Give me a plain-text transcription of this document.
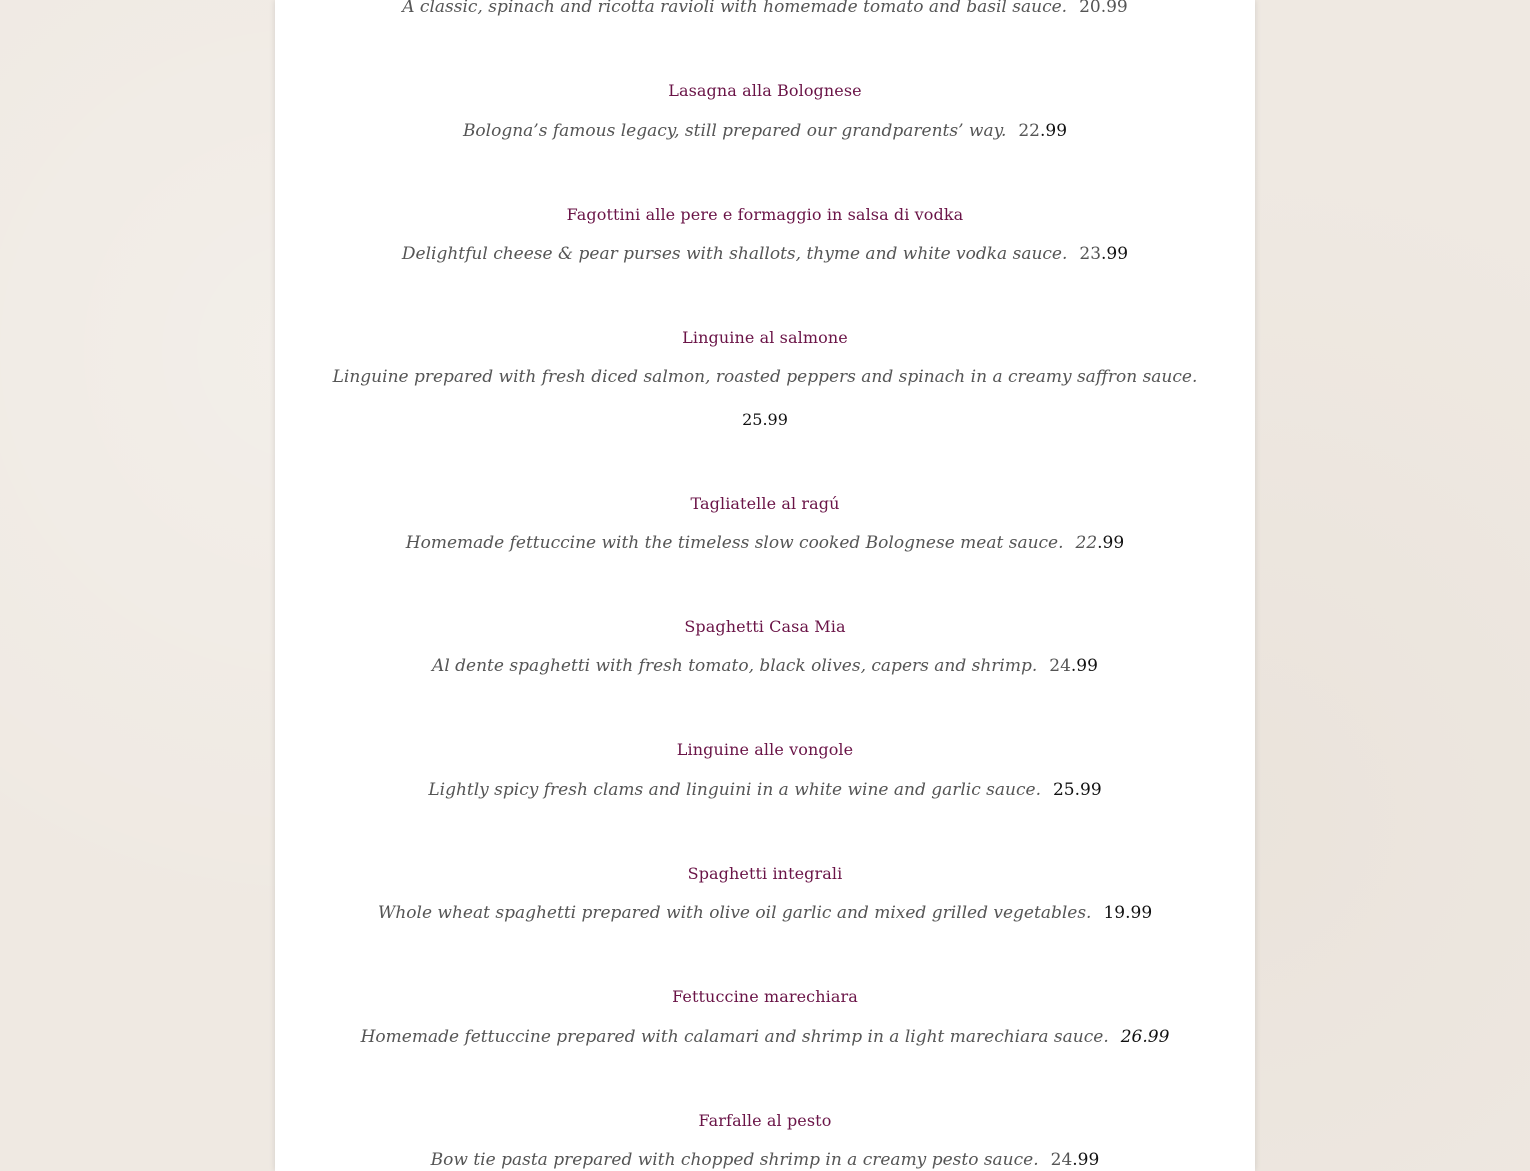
A classic, spinach and ricotta ravioli with homemade tomato and basil sauce. 20.99
Lasagna alla Bolognese
Bologna’s famous legacy, still prepared our grandparents’ way. 22.99
Fagottini alle pere e formaggio in salsa di vodka
Delightful cheese & pear purses with shallots, thyme and white vodka sauce. 23.99
Linguine al salmone
Linguine prepared with fresh diced salmon, roasted peppers and spinach in a creamy saffron sauce.
25.99
Tagliatelle al ragú
Homemade fettuccine with the timeless slow cooked Bolognese meat sauce. 22.99
Spaghetti Casa Mia
Al dente spaghetti with fresh tomato, black olives, capers and shrimp. 24.99
Linguine alle vongole
Lightly spicy fresh clams and linguini in a white wine and garlic sauce. 25.99
Spaghetti integrali
Whole wheat spaghetti prepared with olive oil garlic and mixed grilled vegetables. 19.99
Fettuccine marechiara
Homemade fettuccine prepared with calamari and shrimp in a light marechiara sauce. 26.99
Farfalle al pesto
Bow tie pasta prepared with chopped shrimp in a creamy pesto sauce. 24.99
